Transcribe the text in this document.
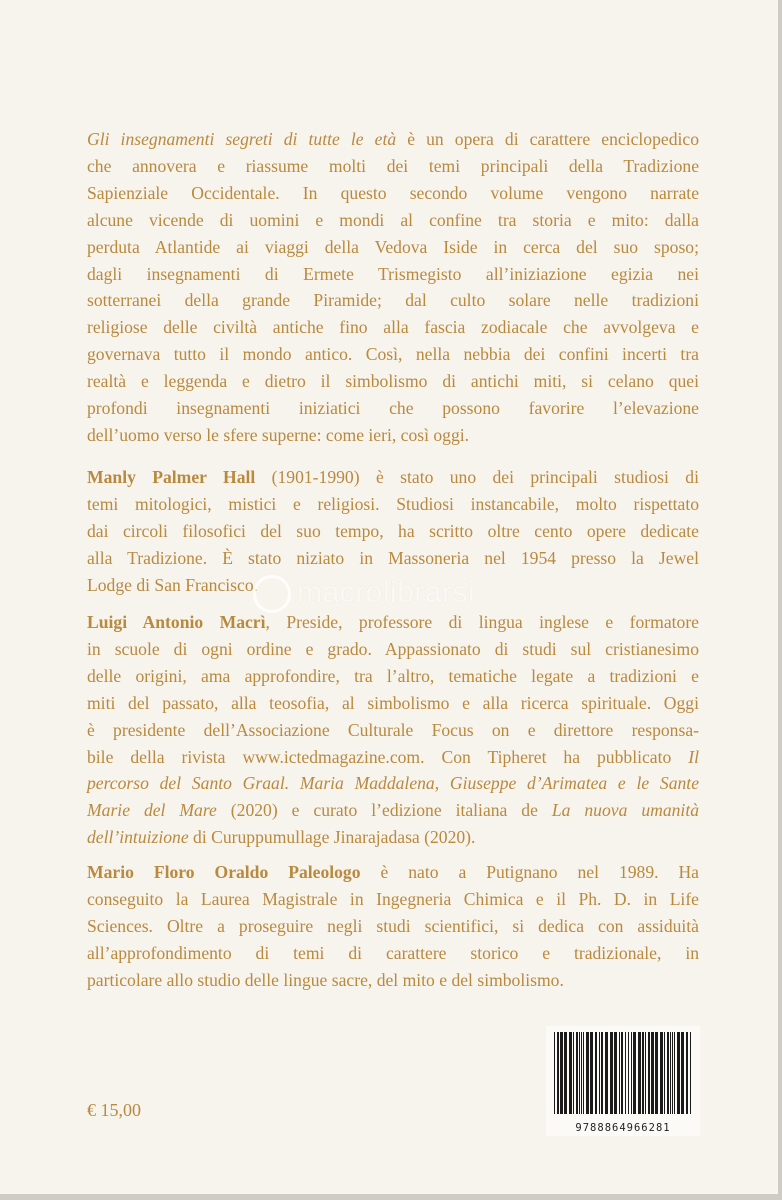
Gli insegnamenti segreti di tutte le età è un opera di carattere enciclopedico
che annovera e riassume molti dei temi principali della Tradizione
Sapienziale Occidentale. In questo secondo volume vengono narrate
alcune vicende di uomini e mondi al confine tra storia e mito: dalla
perduta Atlantide ai viaggi della Vedova Iside in cerca del suo sposo;
dagli insegnamenti di Ermete Trismegisto all’iniziazione egizia nei
sotterranei della grande Piramide; dal culto solare nelle tradizioni
religiose delle civiltà antiche fino alla fascia zodiacale che avvolgeva e
governava tutto il mondo antico. Così, nella nebbia dei confini incerti tra
realtà e leggenda e dietro il simbolismo di antichi miti, si celano quei
profondi insegnamenti iniziatici che possono favorire l’elevazione
dell’uomo verso le sfere superne: come ieri, così oggi.
Manly Palmer Hall (1901-1990) è stato uno dei principali studiosi di
temi mitologici, mistici e religiosi. Studiosi instancabile, molto rispettato
dai circoli filosofici del suo tempo, ha scritto oltre cento opere dedicate
alla Tradizione. È stato niziato in Massoneria nel 1954 presso la Jewel
Lodge di San Francisco.	macrolibrarsi
Luigi Antonio Macrì, Preside, professore di lingua inglese e formatore
in scuole di ogni ordine e grado. Appassionato di studi sul cristianesimo
delle origini, ama approfondire, tra l’altro, tematiche legate a tradizioni e
miti del passato, alla teosofia, al simbolismo e alla ricerca spirituale. Oggi
è presidente dell’Associazione Culturale Focus on e direttore responsa-
bile della rivista www.ictedmagazine.com. Con Tipheret ha pubblicato Il
percorso del Santo Graal. Maria Maddalena, Giuseppe d’Arimatea e le Sante
Marie del Mare (2020) e curato l’edizione italiana de La nuova umanità
dell’intuizione di Curuppumullage Jinarajadasa (2020).
Mario Floro Oraldo Paleologo è nato a Putignano nel 1989. Ha
conseguito la Laurea Magistrale in Ingegneria Chimica e il Ph. D. in Life
Sciences. Oltre a proseguire negli studi scientifici, si dedica con assiduità
all’approfondimento di temi di carattere storico e tradizionale, in
particolare allo studio delle lingue sacre, del mito e del simbolismo.
€ 15,00
9788864966281
